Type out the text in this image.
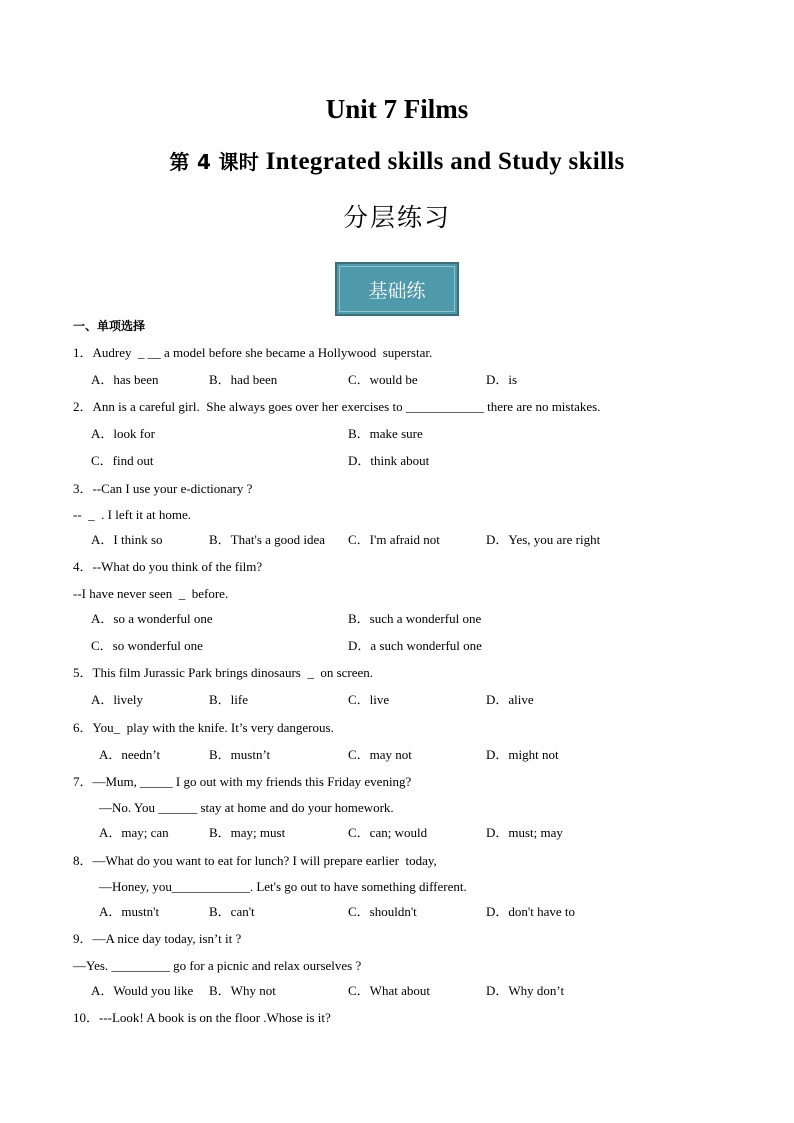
Unit 7 Films
第 4 课时 Integrated skills and Study skills
分层练习
基础练
一、单项选择
1．Audrey  _ __ a model before she became a Hollywood  superstar.
A．has been	B．had been	C．would be	D．is
2．Ann is a careful girl.  She always goes over her exercises to ____________ there are no mistakes.
A．look for	B．make sure
C．find out	D．think about
3．--Can I use your e-dictionary ?
--  _  . I left it at home.
A．I think so	B．That's a good idea C．I'm afraid not	D．Yes, you are right
4．--What do you think of the film?
--I have never seen  _  before.
A．so a wonderful one	B．such a wonderful one
C．so wonderful one	D．a such wonderful one
5．This film Jurassic Park brings dinosaurs  _  on screen.
A．lively	B．life	C．live	D．alive
6．You_  play with the knife. It’s very dangerous.
A．needn’t	B．mustn’t	C．may not	D．might not
7．—Mum, _____ I go out with my friends this Friday evening?
—No. You ______ stay at home and do your homework.
A．may; can	B．may; must	C．can; would	D．must; may
8．—What do you want to eat for lunch? I will prepare earlier  today,
—Honey, you____________. Let's go out to have something different.
A．mustn't	B．can't	C．shouldn't	D．don't have to
9．—A nice day today, isn’t it ?
—Yes. _________ go for a picnic and relax ourselves ?
A．Would you like B．Why not	C．What about	D．Why don’t
10．---Look! A book is on the floor .Whose is it?
